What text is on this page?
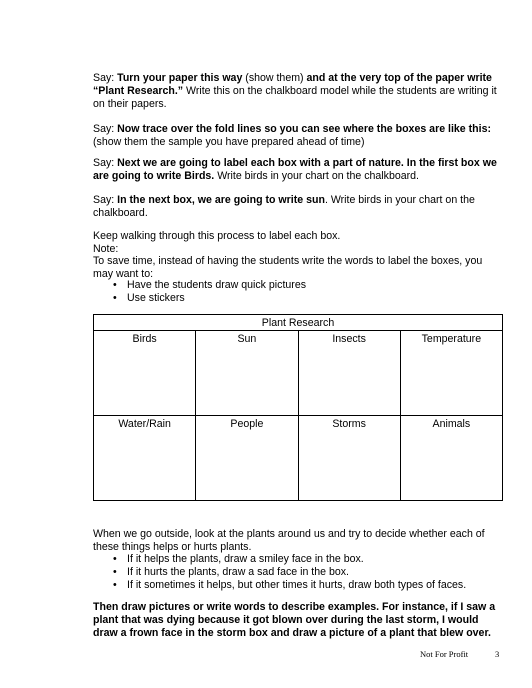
Say: Turn your paper this way (show them) and at the very top of the paper write “Plant Research.” Write this on the chalkboard model while the students are writing it on their papers.

Say: Now trace over the fold lines so you can see where the boxes are like this: (show them the sample you have prepared ahead of time)

Say: Next we are going to label each box with a part of nature. In the first box we are going to write Birds. Write birds in your chart on the chalkboard.

Say: In the next box, we are going to write sun. Write birds in your chart on the chalkboard.

Keep walking through this process to label each box.

Note:

To save time, instead of having the students write the words to label the boxes, you may want to:

• Have the students draw quick pictures
• Use stickers
Plant Research			
Birds	Sun	Insects	Temperature
Water/Rain	People	Storms	Animals

When we go outside, look at the plants around us and try to decide whether each of these things helps or hurts plants.

• If it helps the plants, draw a smiley face in the box.
• If it hurts the plants, draw a sad face in the box.
• If it sometimes it helps, but other times it hurts, draw both types of faces.

Then draw pictures or write words to describe examples. For instance, if I saw a plant that was dying because it got blown over during the last storm, I would draw a frown face in the storm box and draw a picture of a plant that blew over.

Not For Profit	3
